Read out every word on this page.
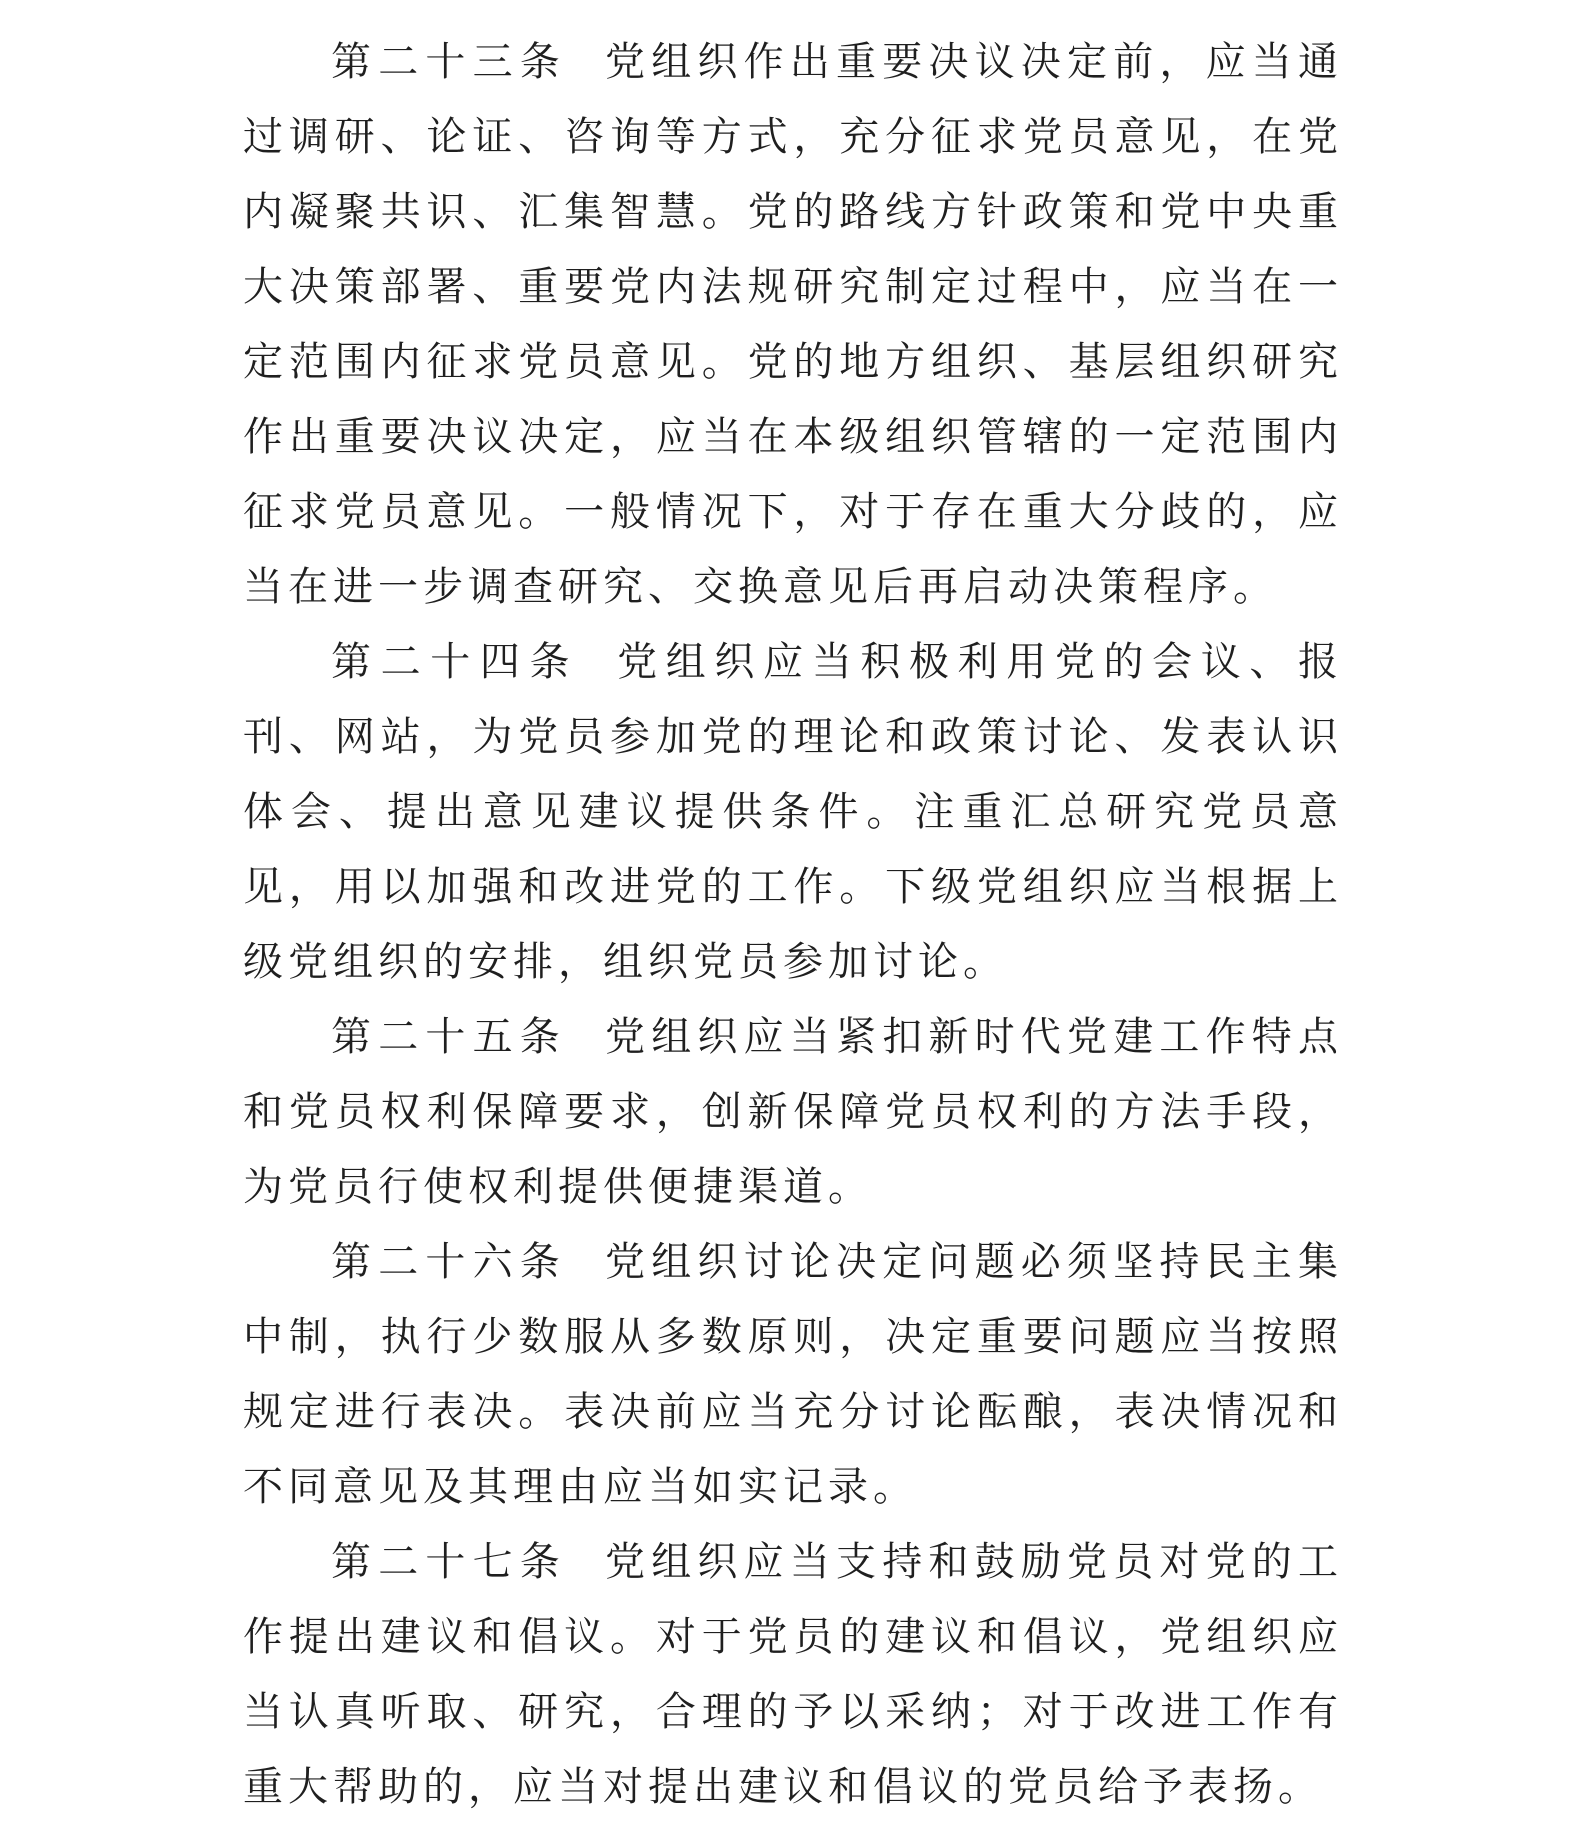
第二十三条 党组织作出重要决议决定前，应当通过调研、论证、咨询等方式，充分征求党员意见，在党内凝聚共识、汇集智慧。党的路线方针政策和党中央重大决策部署、重要党内法规研究制定过程中，应当在一定范围内征求党员意见。党的地方组织、基层组织研究作出重要决议决定，应当在本级组织管辖的一定范围内征求党员意见。一般情况下，对于存在重大分歧的，应当在进一步调查研究、交换意见后再启动决策程序。

第二十四条 党组织应当积极利用党的会议、报刊、网站，为党员参加党的理论和政策讨论、发表认识体会、提出意见建议提供条件。注重汇总研究党员意见，用以加强和改进党的工作。下级党组织应当根据上级党组织的安排，组织党员参加讨论。

第二十五条 党组织应当紧扣新时代党建工作特点和党员权利保障要求，创新保障党员权利的方法手段，为党员行使权利提供便捷渠道。

第二十六条 党组织讨论决定问题必须坚持民主集中制，执行少数服从多数原则，决定重要问题应当按照规定进行表决。表决前应当充分讨论酝酿，表决情况和不同意见及其理由应当如实记录。

第二十七条 党组织应当支持和鼓励党员对党的工作提出建议和倡议。对于党员的建议和倡议，党组织应当认真听取、研究，合理的予以采纳；对于改进工作有重大帮助的，应当对提出建议和倡议的党员给予表扬。
